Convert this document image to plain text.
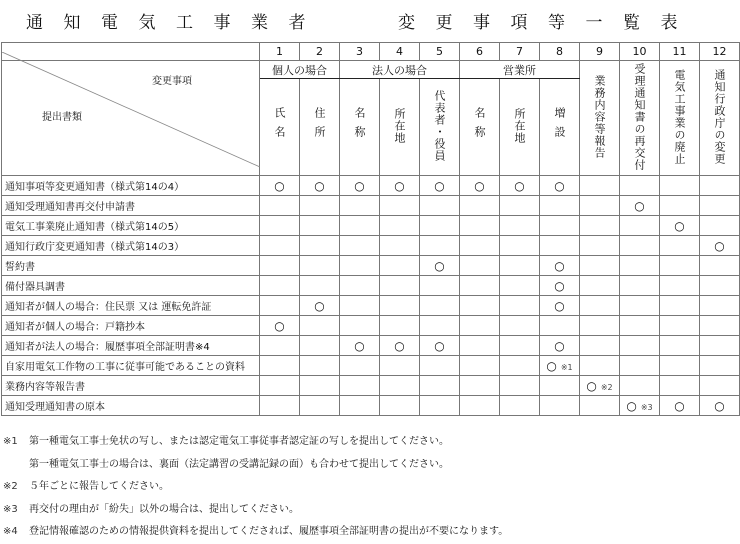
通知電気工事業者	変更事項等一覧表
	1	2	3	4	5	6	7	8	9	10	11	12

変更事項
提出書類	個人の場合		法人の場合			営業所			業務内容等報告	受理通知書の再交付	電気工事業の廃止	通知行政庁の変更
	氏名	住所	名称	所在地	代表者・役員	名称	所在地	増設				
通知事項等変更通知書（様式第14の4）	○	○	○	○	○	○	○	○				
通知受理通知書再交付申請書										○		
電気工事業廃止通知書（様式第14の5）											○	
通知行政庁変更通知書（様式第14の3）												○
誓約書					○			○				
備付器具調書								○				
通知者が個人の場合：住民票 又は 運転免許証		○						○				
通知者が個人の場合：戸籍抄本	○											
通知者が法人の場合：履歴事項全部証明書※4			○	○	○			○				
自家用電気工作物の工事に従事可能であることの資料								○ ※1				
業務内容等報告書									○ ※2			
通知受理通知書の原本										○ ※3	○	○
※1 第一種電気工事士免状の写し、または認定電気工事従事者認定証の写しを提出してください。
第一種電気工事士の場合は、裏面（法定講習の受講記録の面）も合わせて提出してください。
※2 ５年ごとに報告してください。
※3 再交付の理由が「紛失」以外の場合は、提出してください。
※4 登記情報確認のための情報提供資料を提出してくだされば、履歴事項全部証明書の提出が不要になります。
